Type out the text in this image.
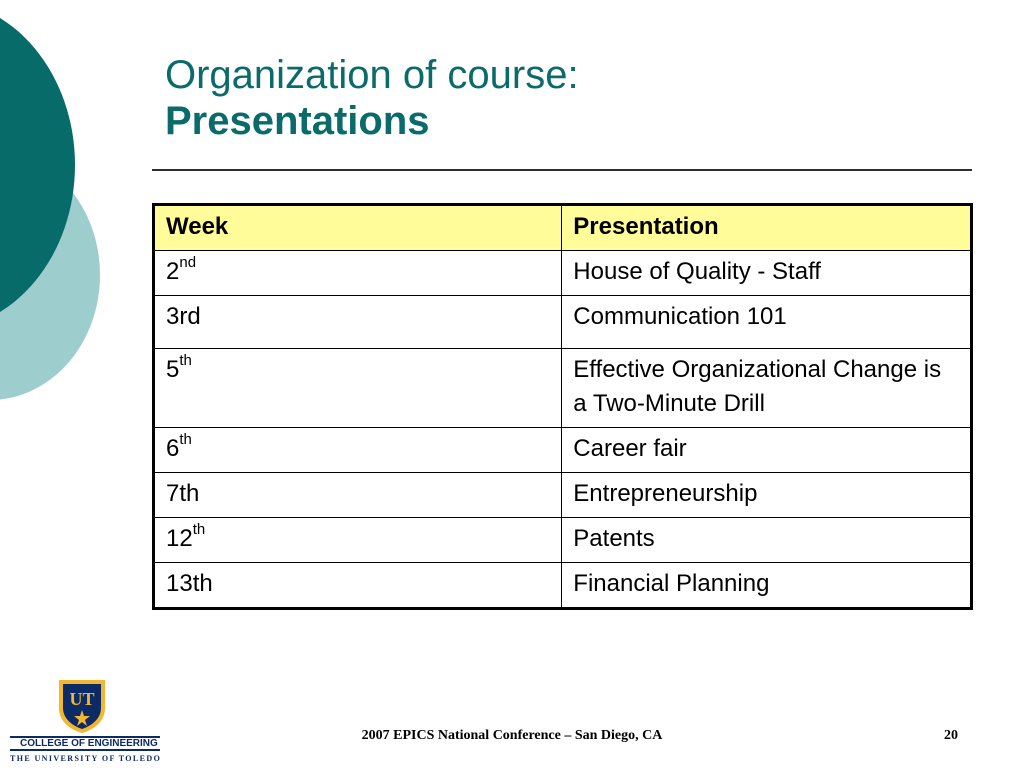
Organization of course:
Presentations
Week	Presentation
2nd	House of Quality - Staff
3rd	Communication 101
5th	Effective Organizational Change is a Two-Minute Drill
6th	Career fair
7th	Entrepreneurship
12th	Patents
13th	Financial Planning
UT
COLLEGE OF ENGINEERING
THE UNIVERSITY OF TOLEDO
2007 EPICS National Conference – San Diego, CA	20
